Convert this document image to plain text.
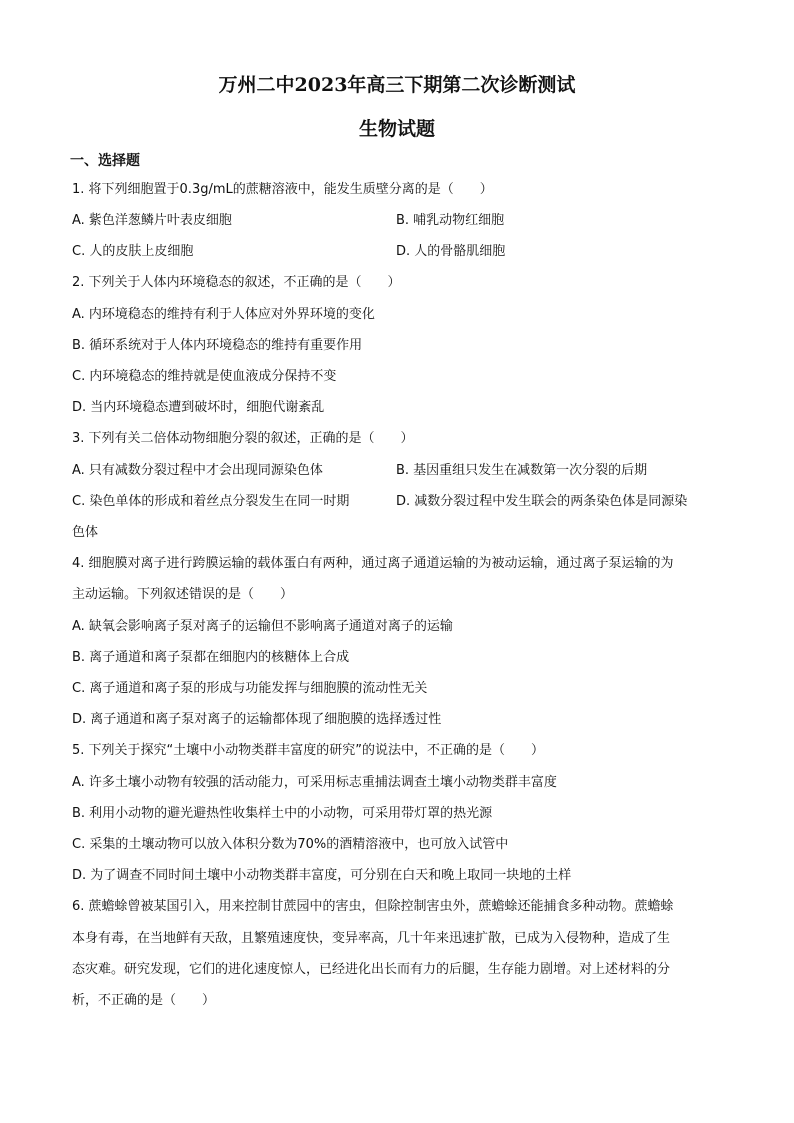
万州二中2023年高三下期第二次诊断测试
生物试题
一、选择题
1. 将下列细胞置于0.3g/mL的蔗糖溶液中，能发生质壁分离的是（　　）
A. 紫色洋葱鳞片叶表皮细胞	B. 哺乳动物红细胞
C. 人的皮肤上皮细胞	D. 人的骨骼肌细胞
2. 下列关于人体内环境稳态的叙述，不正确的是（　　）
A. 内环境稳态的维持有利于人体应对外界环境的变化
B. 循环系统对于人体内环境稳态的维持有重要作用
C. 内环境稳态的维持就是使血液成分保持不变
D. 当内环境稳态遭到破坏时，细胞代谢紊乱
3. 下列有关二倍体动物细胞分裂的叙述，正确的是（　　）
A. 只有减数分裂过程中才会出现同源染色体	B. 基因重组只发生在减数第一次分裂的后期
C. 染色单体的形成和着丝点分裂发生在同一时期	D. 减数分裂过程中发生联会的两条染色体是同源染
色体
4. 细胞膜对离子进行跨膜运输的载体蛋白有两种，通过离子通道运输的为被动运输，通过离子泵运输的为
主动运输。下列叙述错误的是（　　）
A. 缺氧会影响离子泵对离子的运输但不影响离子通道对离子的运输
B. 离子通道和离子泵都在细胞内的核糖体上合成
C. 离子通道和离子泵的形成与功能发挥与细胞膜的流动性无关
D. 离子通道和离子泵对离子的运输都体现了细胞膜的选择透过性
5. 下列关于探究“土壤中小动物类群丰富度的研究”的说法中，不正确的是（　　）
A. 许多土壤小动物有较强的活动能力，可采用标志重捕法调查土壤小动物类群丰富度
B. 利用小动物的避光避热性收集样土中的小动物，可采用带灯罩的热光源
C. 采集的土壤动物可以放入体积分数为70%的酒精溶液中，也可放入试管中
D. 为了调查不同时间土壤中小动物类群丰富度，可分别在白天和晚上取同一块地的土样
6. 蔗蟾蜍曾被某国引入，用来控制甘蔗园中的害虫，但除控制害虫外，蔗蟾蜍还能捕食多种动物。蔗蟾蜍
本身有毒，在当地鲜有天敌，且繁殖速度快，变异率高，几十年来迅速扩散，已成为入侵物种，造成了生
态灾难。研究发现，它们的进化速度惊人，已经进化出长而有力的后腿，生存能力剧增。对上述材料的分
析，不正确的是（　　）
